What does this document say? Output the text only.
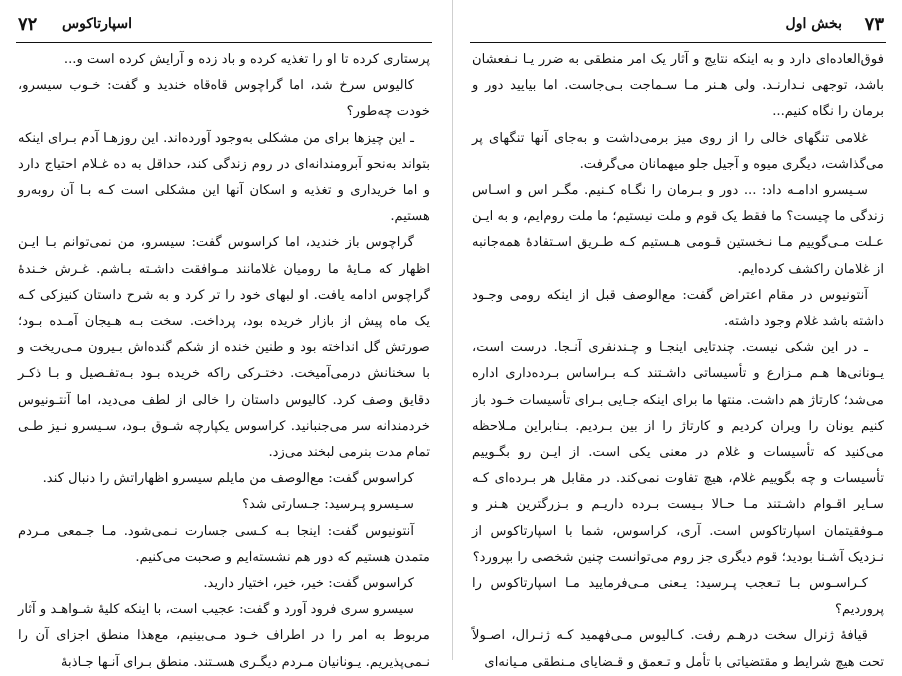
۷۲ اسپارتاکوس

پرستاری کرده تا او را تغذیه کرده و باد زده و آرایش کرده است و...

کالیوس سرخ شد، اما گراچوس قاه‌قاه خندید و گفت: خـوب سیسرو، خودت چه‌طور؟

ـ این چیزها برای من مشکلی به‌وجود آورده‌اند. این روزهـا آدم بـرای اینکه بتواند به‌نحو آبرومندانه‌ای در روم زندگی کند، حداقل به ده غـلام احتیاج دارد و اما خریداری و تغذیه و اسکان آنها این مشکلی است کـه بـا آن روبه‌رو هستیم.

گراچوس باز خندید، اما کراسوس گفت: سیسرو، من نمی‌توانم بـا ایـن اظهار که مـایهٔ ما رومیان غلامانند مـوافقت داشـته بـاشم. غـرش خـندهٔ گراچوس ادامه یافت. او لبهای خود را تر کرد و به شرح داستان کنیزکی کـه یک ماه پیش از بازار خریده بود، پرداخت. سخت بـه هـیجان آمـده بـود؛ صورتش گل انداخته بود و طنین خنده از شکم گنده‌اش بـیرون مـی‌ریخت و با سخنانش درمی‌آمیخت. دختـرکی راکه خریده بـود بـه‌تفـصیل و بـا ذکـر دقایق وصف کرد. کالیوس داستان را خالی از لطف می‌دید، اما آنتـونیوس خردمندانه سر می‌جنبانید. کراسوس یکپارچه شـوق بـود، سـیسرو نـیز طـی تمام مدت بنرمی لبخند می‌زد.

کراسوس گفت: مع‌الوصف من مایلم سیسرو اظهاراتش را دنبال کند.

سـیسرو پـرسید: جـسارتی شد؟

آنتونیوس گفت: اینجا بـه کـسی جسارت نـمی‌شود. مـا جـمعی مـردم متمدن هستیم که دور هم نشسته‌ایم و صحبت می‌کنیم.

کراسوس گفت: خیر، خیر، اختیار دارید.

سیسرو سری فرود آورد و گفت: عجیب است، با اینکه کلیهٔ شـواهـد و آثار مربوط به امر را در اطراف خـود مـی‌بینیم، مع‌هذا منطق اجزای آن را نـمی‌پذیریم. یـونانیان مـردم دیگـری هسـتند. منطق بـرای آنـها جـاذبهٔ

۷۳
بخش اول

فوق‌العاده‌ای دارد و به اینکه نتایج و آثار یک امر منطقی به ضرر یـا نـفعشان باشد، توجهی نـدارنـد. ولی هـنر مـا سـماجت بـی‌جاست. اما بیایید دور و برمان را نگاه کنیم...

غلامی تنگهای خالی را از روی میز برمی‌داشت و به‌جای آنها تنگهای پر می‌گذاشت، دیگری میوه و آجیل جلو میهمانان می‌گرفت.

سـیسرو ادامـه داد: ... دور و بـرمان را نگـاه کـنیم. مگـر اس و اسـاس زندگی ما چیست؟ ما فقط یک قوم و ملت نیستیم؛ ما ملت روم‌ایم، و به ایـن عـلت مـی‌گوییم مـا نـخستین قـومی هـستیم کـه طـریق اسـتفادهٔ همه‌جانبه از غلامان راکشف کرده‌ایم.

آنتونیوس در مقام اعتراض گفت: مع‌الوصف قبل از اینکه رومی وجـود داشته باشد غلام وجود داشته.

ـ در این شکی نیست. چندتایی اینجـا و چـندنفری آنـجا. درست است، یـونانی‌ها هـم مـزارع و تأسیساتی داشـتند کـه بـراساس بـرده‌داری اداره می‌شد؛ کارتاژ هم داشت. منتها ما برای اینکه جـایی بـرای تأسیسات خـود باز کنیم یونان را ویران کردیم و کارتاژ را از بین بـردیم. بـنابراین مـلاحظه می‌کنید که تأسیسات و غلام در معنی یکی است. از ایـن رو بگـوییم تأسیسات و چه بگوییم غلام، هیچ تفاوت نمی‌کند. در مقابل هر بـرده‌ای کـه سـایر اقـوام داشـتند مـا حـالا بـیست بـرده داریـم و بـزرگترین هـنر و مـوفقیتمان اسپارتاکوس است. آری، کراسوس، شما با اسپارتاکوس از نـزدیک آشـنا بودید؛ قوم دیگری جز روم می‌توانست چنین شخصی را بپرورد؟

کـراسـوس بـا تـعجب پـرسید: یـعنی مـی‌فرمایید مـا اسپارتاکوس را پروردیم؟

قیافهٔ ژنرال سخت درهـم رفت. کـالیوس مـی‌فهمید کـه ژنـرال، اصـولاً تحت هیچ شرایط و مقتضیاتی با تأمل و تـعمق و قـضایای مـنطقی مـیانه‌ای
